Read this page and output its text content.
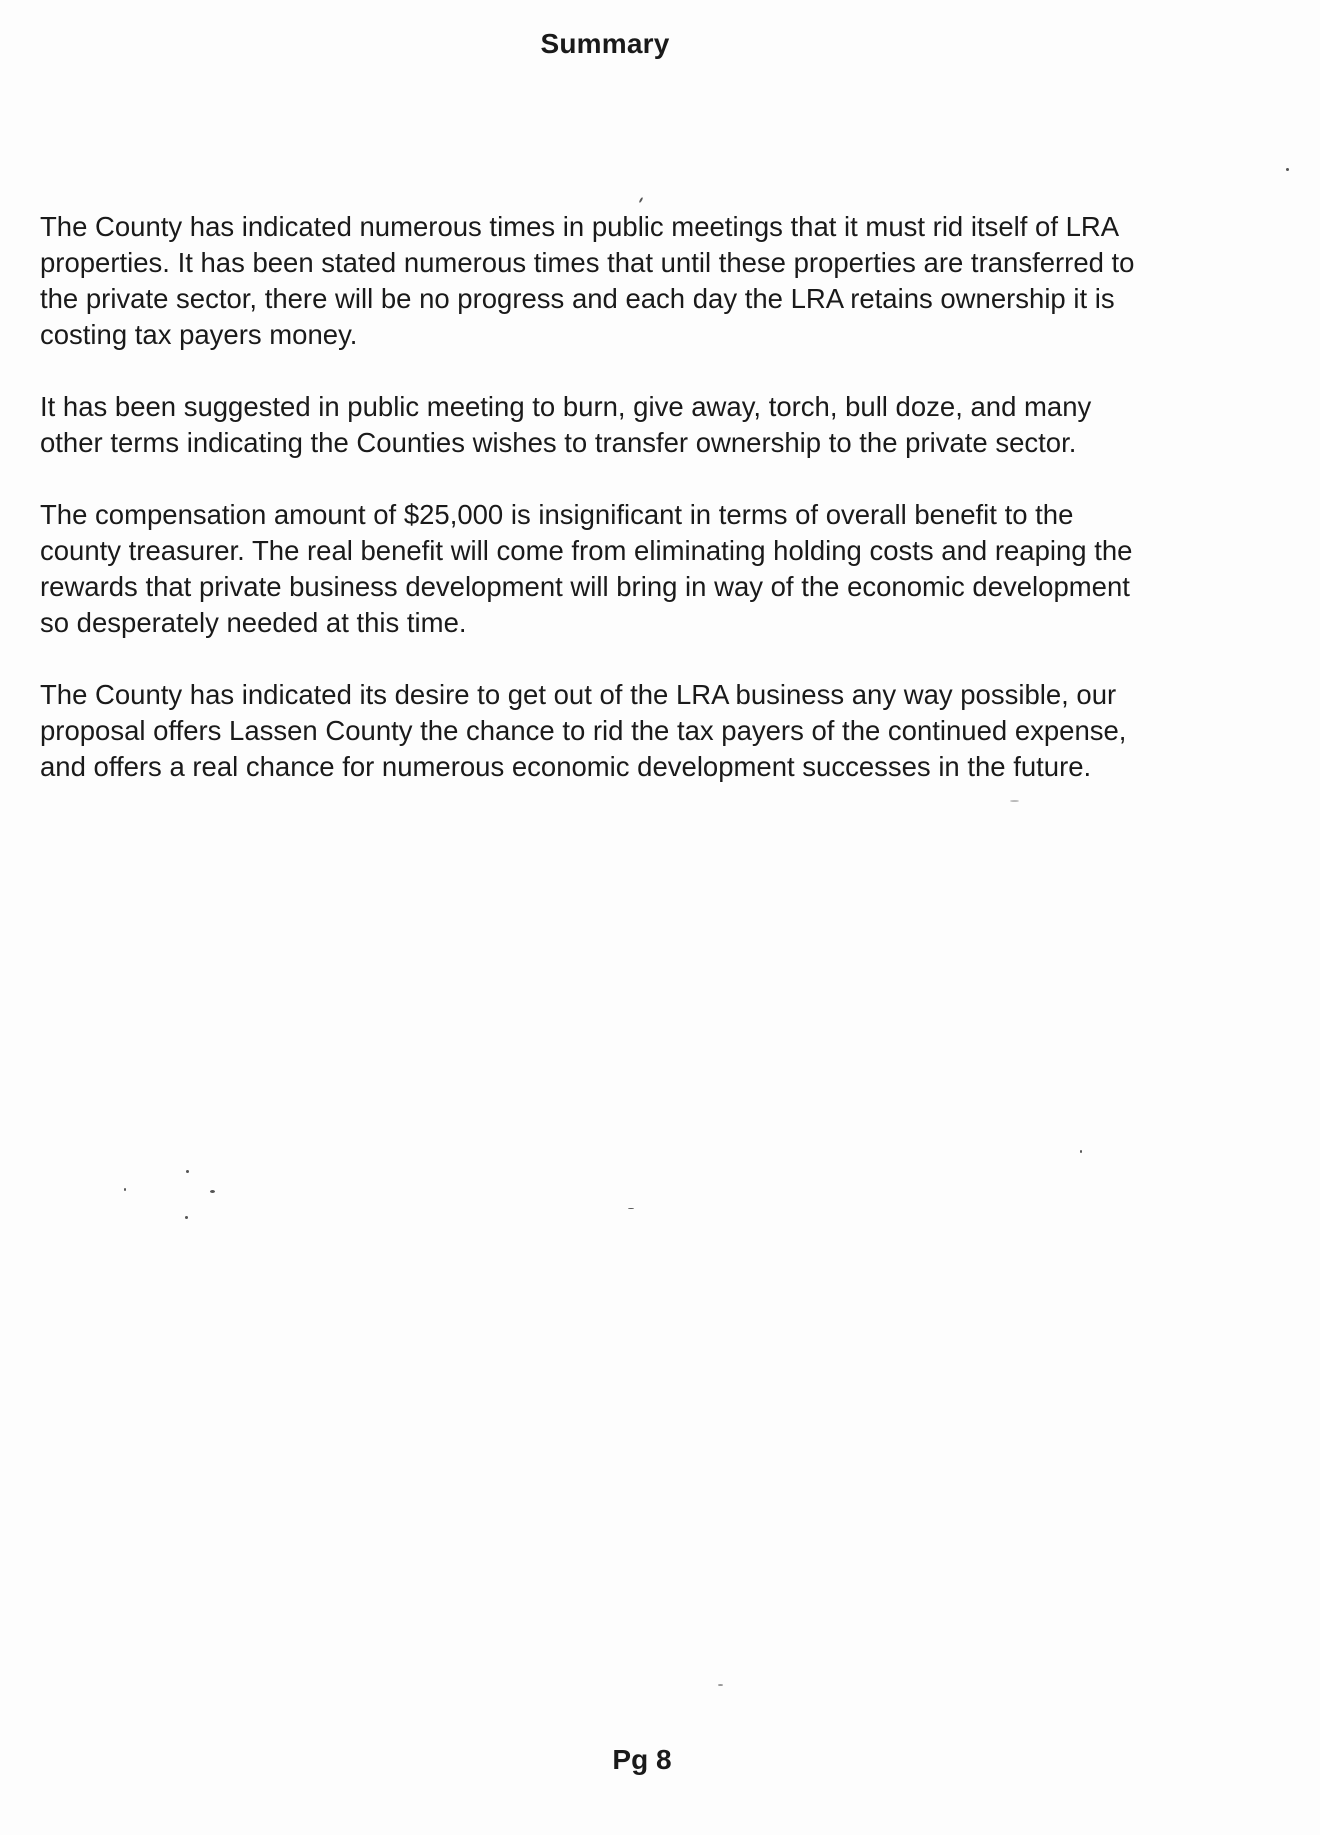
Summary

The County has indicated numerous times in public meetings that it must rid itself of LRA
properties. It has been stated numerous times that until these properties are transferred to
the private sector, there will be no progress and each day the LRA retains ownership it is
costing tax payers money.

It has been suggested in public meeting to burn, give away, torch, bull doze, and many
other terms indicating the Counties wishes to transfer ownership to the private sector.

The compensation amount of $25,000 is insignificant in terms of overall benefit to the
county treasurer. The real benefit will come from eliminating holding costs and reaping the
rewards that private business development will bring in way of the economic development
so desperately needed at this time.

The County has indicated its desire to get out of the LRA business any way possible, our
proposal offers Lassen County the chance to rid the tax payers of the continued expense,
and offers a real chance for numerous economic development successes in the future.

Pg 8
